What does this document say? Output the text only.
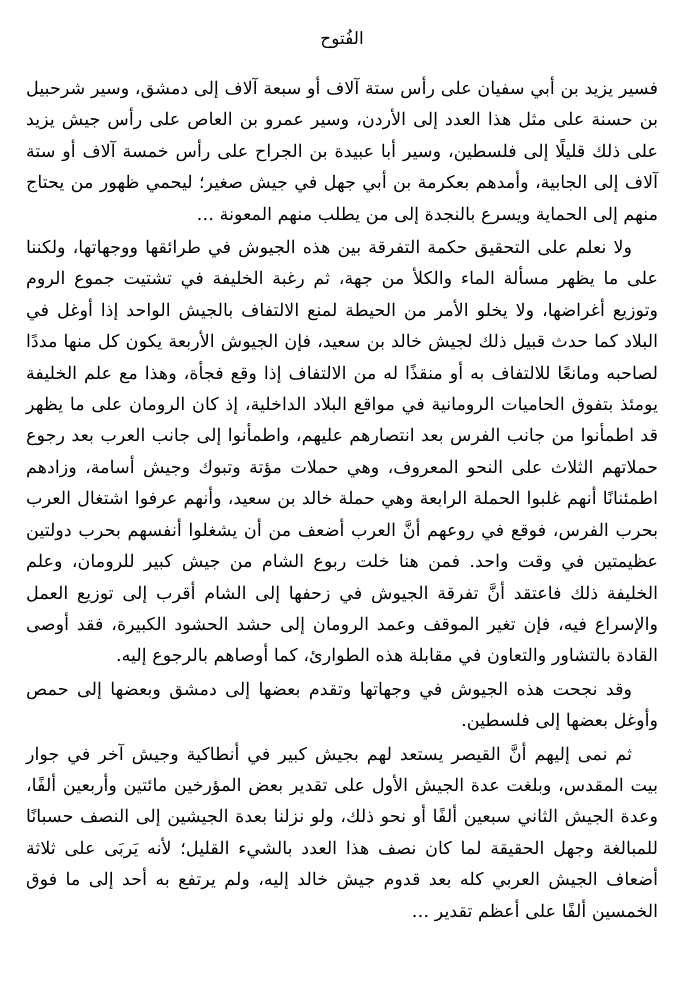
الفُتوح

فسير يزيد بن أبي سفيان على رأس ستة آلاف أو سبعة آلاف إلى دمشق، وسير شرحبيل بن حسنة على مثل هذا العدد إلى الأردن، وسير عمرو بن العاص على رأس جيش يزيد على ذلك قليلًا إلى فلسطين، وسير أبا عبيدة بن الجراح على رأس خمسة آلاف أو ستة آلاف إلى الجابية، وأمدهم بعكرمة بن أبي جهل في جيش صغير؛ ليحمي ظهور من يحتاج منهم إلى الحماية ويسرع بالنجدة إلى من يطلب منهم المعونة …

ولا نعلم على التحقيق حكمة التفرقة بين هذه الجيوش في طرائقها ووجهاتها، ولكننا على ما يظهر مسألة الماء والكلأ من جهة، ثم رغبة الخليفة في تشتيت جموع الروم وتوزيع أغراضها، ولا يخلو الأمر من الحيطة لمنع الالتفاف بالجيش الواحد إذا أوغل في البلاد كما حدث قبيل ذلك لجيش خالد بن سعيد، فإن الجيوش الأربعة يكون كل منها مددًا لصاحبه ومانعًا للالتفاف به أو منقذًا له من الالتفاف إذا وقع فجأة، وهذا مع علم الخليفة يومئذ بتفوق الحاميات الرومانية في مواقع البلاد الداخلية، إذ كان الرومان على ما يظهر قد اطمأنوا من جانب الفرس بعد انتصارهم عليهم، واطمأنوا إلى جانب العرب بعد رجوع حملاتهم الثلاث على النحو المعروف، وهي حملات مؤتة وتبوك وجيش أسامة، وزادهم اطمئنانًا أنهم غلبوا الحملة الرابعة وهي حملة خالد بن سعيد، وأنهم عرفوا اشتغال العرب بحرب الفرس، فوقع في روعهم أنَّ العرب أضعف من أن يشغلوا أنفسهم بحرب دولتين عظيمتين في وقت واحد. فمن هنا خلت ربوع الشام من جيش كبير للرومان، وعلم الخليفة ذلك فاعتقد أنَّ تفرقة الجيوش في زحفها إلى الشام أقرب إلى توزيع العمل والإسراع فيه، فإن تغير الموقف وعمد الرومان إلى حشد الحشود الكبيرة، فقد أوصى القادة بالتشاور والتعاون في مقابلة هذه الطوارئ، كما أوصاهم بالرجوع إليه.

وقد نجحت هذه الجيوش في وجهاتها وتقدم بعضها إلى دمشق وبعضها إلى حمص وأوغل بعضها إلى فلسطين.

ثم نمى إليهم أنَّ القيصر يستعد لهم بجيش كبير في أنطاكية وجيش آخر في جوار بيت المقدس، وبلغت عدة الجيش الأول على تقدير بعض المؤرخين مائتين وأربعين ألفًا، وعدة الجيش الثاني سبعين ألفًا أو نحو ذلك، ولو نزلنا بعدة الجيشين إلى النصف حسبانًا للمبالغة وجهل الحقيقة لما كان نصف هذا العدد بالشيء القليل؛ لأنه يَربَى على ثلاثة أضعاف الجيش العربي كله بعد قدوم جيش خالد إليه، ولم يرتفع به أحد إلى ما فوق الخمسين ألفًا على أعظم تقدير …
